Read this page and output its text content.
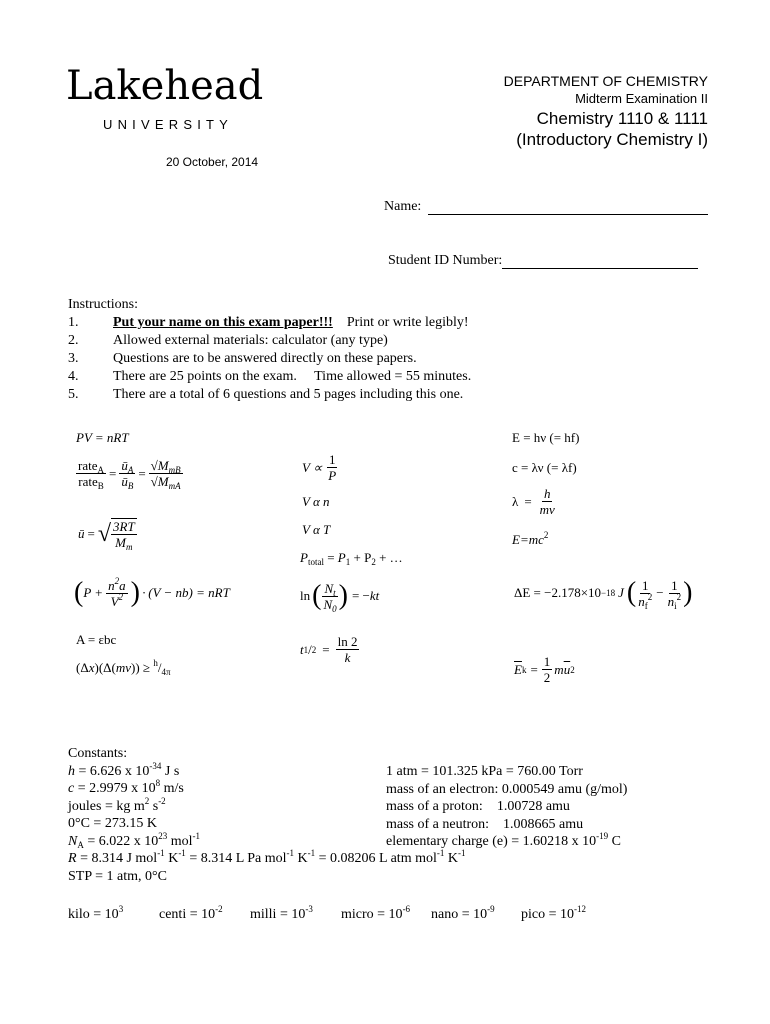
Lakehead
UNIVERSITY
DEPARTMENT OF CHEMISTRY
Midterm Examination II
Chemistry 1110 & 1111
(Introductory Chemistry I)
20 October, 2014
Name:
Student ID Number:
Instructions:
1.	Put your name on this exam paper!!! Print or write legibly!
2.	Allowed external materials: calculator (any type)
3.	Questions are to be answered directly on these papers.
4.	There are 25 points on the exam.     Time allowed = 55 minutes.
5.	There are a total of 6 questions and 5 pages including this one.
PV = nRT
$\frac{rate_A}{rate_B} = \frac{ū_A}{ū_B} = \frac{√M_{mB}}{√M_{mA}}$
ū = √ $\frac{3RT}{M_m}$
( $P + \frac{n^2a}{V^2}$ ) · (V − nb) = nRT
A = εbc
$(\Delta x)(\Delta(mv)) \ge ^h/_{4\pi}$
$V \propto \frac{1}{P}$
V α n
V α T
$P_{total} = P_1 + P_2$ + …
ln ( $\frac{N_t}{N_0}$ ) = −kt
t $1 / 2 = \frac{\ln 2}{k}$
E = hν (= hf)
c = λν (= λf)
$\lambda = \frac{h}{m\nu}$
$E=mc^2$
ΔE = −2.178×10 −18 J ( $\frac{1}{n_f^2} - \frac{1}{n_i^2}$ )
$\overline{E}$ $k = \frac{1}{2}$ m $\overline{u}$ 2
Constants:
h = 6.626 x $10^{-34}$ J s
c = 2.9979 x $10^8$ m/s
joules = kg $m^2$ $s^{-2}$
0°C = 273.15 K
$N_A = 6.022$ x $10^{23}$ mol$^{-1}$
R = 8.314 J mol$^{-1}$ $K^{-1} = 8.314$ L Pa mol$^{-1}$ $K^{-1} = 0.08206$ L atm mol$^{-1}$ $K^{-1}$
STP = 1 atm, 0°C
1 atm = 101.325 kPa = 760.00 Torr
mass of an electron: 0.000549 amu (g/mol)
mass of a proton:    1.00728 amu
mass of a neutron:    1.008665 amu
elementary charge (e) = 1.60218 x $10^{-19}$ C
kilo = $10^3$	centi = $10^{-2}$ milli = $10^{-3}$ micro = $10^{-6}$ nano = $10^{-9}$ pico = $10^{-12}$
